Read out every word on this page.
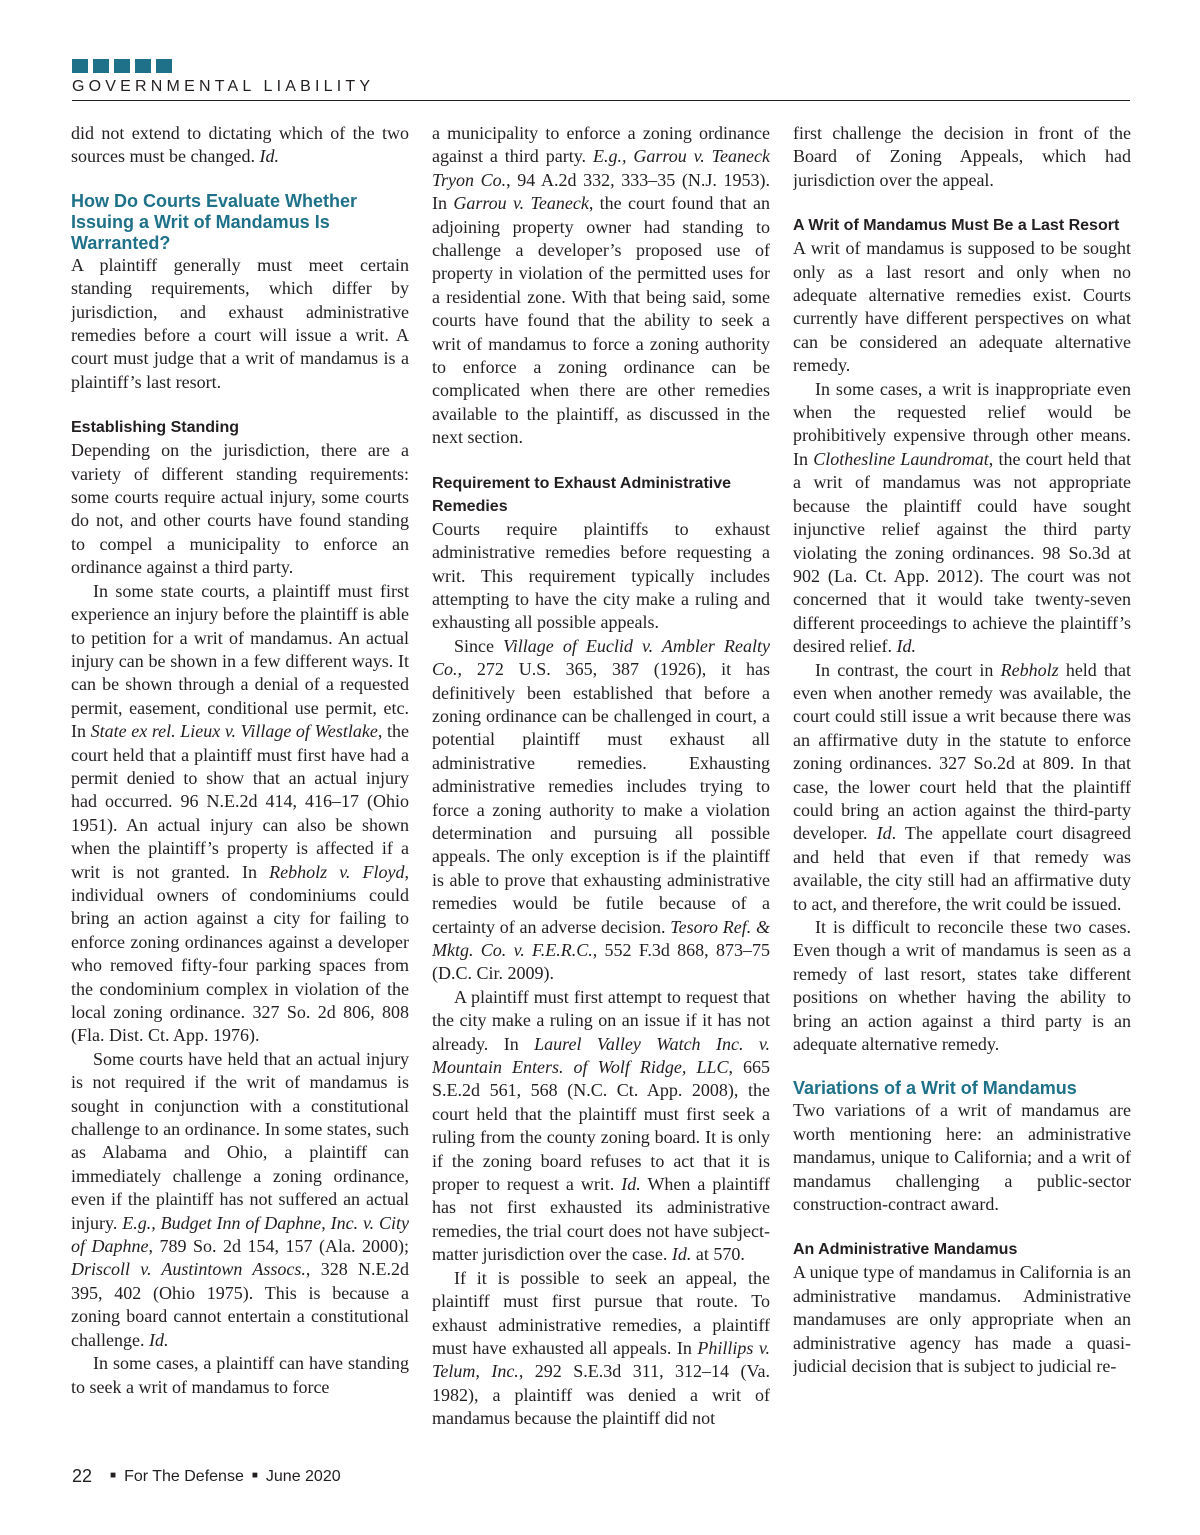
GOVERNMENTAL LIABILITY

did not extend to dictating which of the two sources must be changed. Id.

How Do Courts Evaluate Whether Issuing a Writ of Mandamus Is Warranted?

A plaintiff generally must meet certain standing requirements, which differ by jurisdiction, and exhaust administrative remedies before a court will issue a writ. A court must judge that a writ of mandamus is a plaintiff’s last resort.

Establishing Standing

Depending on the jurisdiction, there are a variety of different standing requirements: some courts require actual injury, some courts do not, and other courts have found standing to compel a municipality to enforce an ordinance against a third party.

In some state courts, a plaintiff must first experience an injury before the plaintiff is able to petition for a writ of mandamus. An actual injury can be shown in a few different ways. It can be shown through a denial of a requested permit, easement, conditional use permit, etc. In State ex rel. Lieux v. Village of Westlake, the court held that a plaintiff must first have had a permit denied to show that an actual injury had occurred. 96 N.E.2d 414, 416–17 (Ohio 1951). An actual injury can also be shown when the plaintiff’s property is affected if a writ is not granted. In Rebholz v. Floyd, individual owners of condominiums could bring an action against a city for failing to enforce zoning ordinances against a developer who removed fifty-four parking spaces from the condominium complex in violation of the local zoning ordinance. 327 So. 2d 806, 808 (Fla. Dist. Ct. App. 1976).

Some courts have held that an actual injury is not required if the writ of mandamus is sought in conjunction with a constitutional challenge to an ordinance. In some states, such as Alabama and Ohio, a plaintiff can immediately challenge a zoning ordinance, even if the plaintiff has not suffered an actual injury. E.g., Budget Inn of Daphne, Inc. v. City of Daphne, 789 So. 2d 154, 157 (Ala. 2000); Driscoll v. Austintown Assocs., 328 N.E.2d 395, 402 (Ohio 1975). This is because a zoning board cannot entertain a constitutional challenge. Id.

In some cases, a plaintiff can have standing to seek a writ of mandamus to force

a municipality to enforce a zoning ordinance against a third party. E.g., Garrou v. Teaneck Tryon Co., 94 A.2d 332, 333–35 (N.J. 1953). In Garrou v. Teaneck, the court found that an adjoining property owner had standing to challenge a developer’s proposed use of property in violation of the permitted uses for a residential zone. With that being said, some courts have found that the ability to seek a writ of mandamus to force a zoning authority to enforce a zoning ordinance can be complicated when there are other remedies available to the plaintiff, as discussed in the next section.

Requirement to Exhaust Administrative Remedies

Courts require plaintiffs to exhaust administrative remedies before requesting a writ. This requirement typically includes attempting to have the city make a ruling and exhausting all possible appeals.

Since Village of Euclid v. Ambler Realty Co., 272 U.S. 365, 387 (1926), it has definitively been established that before a zoning ordinance can be challenged in court, a potential plaintiff must exhaust all administrative remedies. Exhausting administrative remedies includes trying to force a zoning authority to make a violation determination and pursuing all possible appeals. The only exception is if the plaintiff is able to prove that exhausting administrative remedies would be futile because of a certainty of an adverse decision. Tesoro Ref. & Mktg. Co. v. F.E.R.C., 552 F.3d 868, 873–75 (D.C. Cir. 2009).

A plaintiff must first attempt to request that the city make a ruling on an issue if it has not already. In Laurel Valley Watch Inc. v. Mountain Enters. of Wolf Ridge, LLC, 665 S.E.2d 561, 568 (N.C. Ct. App. 2008), the court held that the plaintiff must first seek a ruling from the county zoning board. It is only if the zoning board refuses to act that it is proper to request a writ. Id. When a plaintiff has not first exhausted its administrative remedies, the trial court does not have subject-matter jurisdiction over the case. Id. at 570.

If it is possible to seek an appeal, the plaintiff must first pursue that route. To exhaust administrative remedies, a plaintiff must have exhausted all appeals. In Phillips v. Telum, Inc., 292 S.E.3d 311, 312–14 (Va. 1982), a plaintiff was denied a writ of mandamus because the plaintiff did not

first challenge the decision in front of the Board of Zoning Appeals, which had jurisdiction over the appeal.

A Writ of Mandamus Must Be a Last Resort

A writ of mandamus is supposed to be sought only as a last resort and only when no adequate alternative remedies exist. Courts currently have different perspectives on what can be considered an adequate alternative remedy.

In some cases, a writ is inappropriate even when the requested relief would be prohibitively expensive through other means. In Clothesline Laundromat, the court held that a writ of mandamus was not appropriate because the plaintiff could have sought injunctive relief against the third party violating the zoning ordinances. 98 So.3d at 902 (La. Ct. App. 2012). The court was not concerned that it would take twenty-seven different proceedings to achieve the plaintiff’s desired relief. Id.

In contrast, the court in Rebholz held that even when another remedy was available, the court could still issue a writ because there was an affirmative duty in the statute to enforce zoning ordinances. 327 So.2d at 809. In that case, the lower court held that the plaintiff could bring an action against the third-party developer. Id. The appellate court disagreed and held that even if that remedy was available, the city still had an affirmative duty to act, and therefore, the writ could be issued.

It is difficult to reconcile these two cases. Even though a writ of mandamus is seen as a remedy of last resort, states take different positions on whether having the ability to bring an action against a third party is an adequate alternative remedy.

Variations of a Writ of Mandamus

Two variations of a writ of mandamus are worth mentioning here: an administrative mandamus, unique to California; and a writ of mandamus challenging a public-sector construction-contract award.

An Administrative Mandamus

A unique type of mandamus in California is an administrative mandamus. Administrative mandamuses are only appropriate when an administrative agency has made a quasi-judicial decision that is subject to judicial re-

22 ■ For The Defense ■ June 2020
